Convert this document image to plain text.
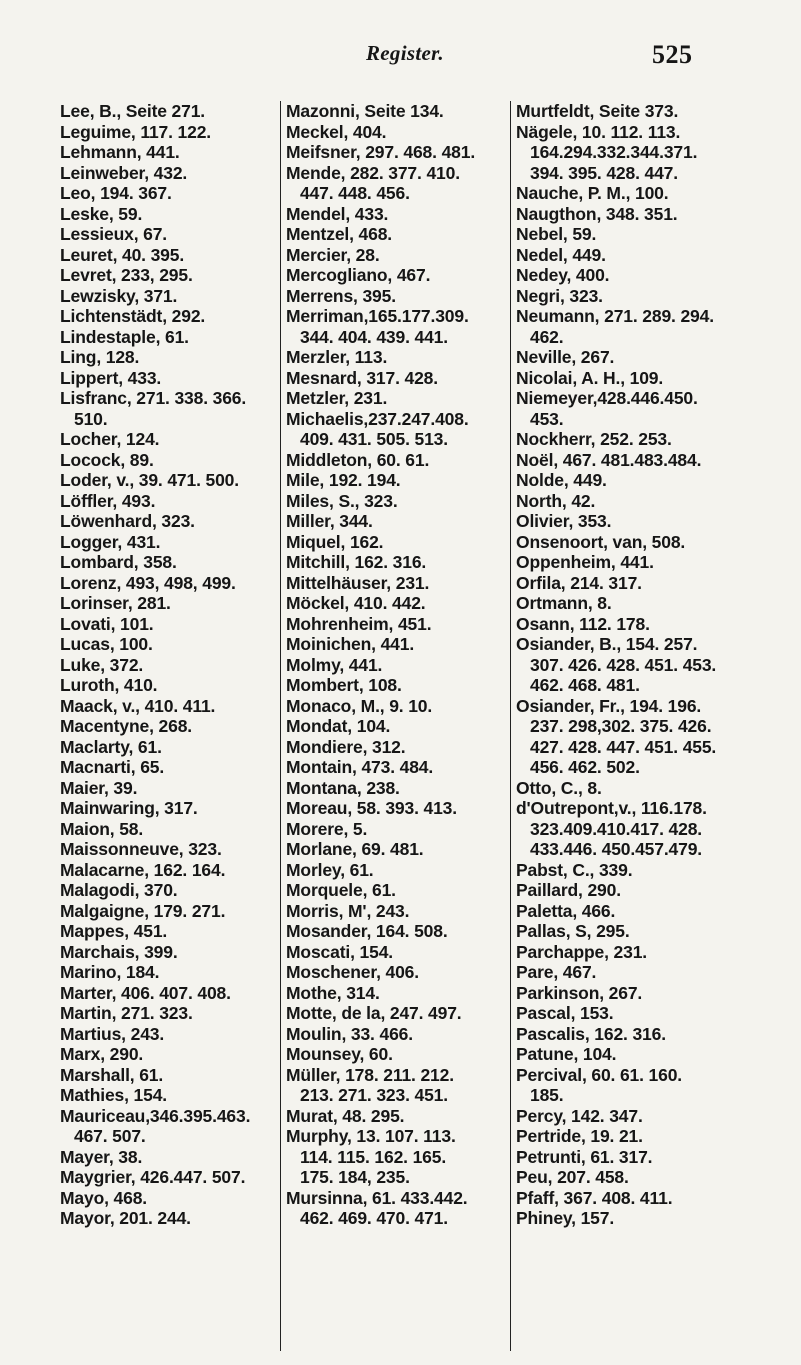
Register.	525
Lee, B., Seite 271.
Leguime, 117. 122.
Lehmann, 441.
Leinweber, 432.
Leo, 194. 367.
Leske, 59.
Lessieux, 67.
Leuret, 40. 395.
Levret, 233, 295.
Lewzisky, 371.
Lichtenstädt, 292.
Lindestaple, 61.
Ling, 128.
Lippert, 433.
Lisfranc, 271. 338. 366.
510.
Locher, 124.
Locock, 89.
Loder, v., 39. 471. 500.
Löffler, 493.
Löwenhard, 323.
Logger, 431.
Lombard, 358.
Lorenz, 493, 498, 499.
Lorinser, 281.
Lovati, 101.
Lucas, 100.
Luke, 372.
Luroth, 410.
Maack, v., 410. 411.
Macentyne, 268.
Maclarty, 61.
Macnarti, 65.
Maier, 39.
Mainwaring, 317.
Maion, 58.
Maissonneuve, 323.
Malacarne, 162. 164.
Malagodi, 370.
Malgaigne, 179. 271.
Mappes, 451.
Marchais, 399.
Marino, 184.
Marter, 406. 407. 408.
Martin, 271. 323.
Martius, 243.
Marx, 290.
Marshall, 61.
Mathies, 154.
Mauriceau,346.395.463.
467. 507.
Mayer, 38.
Maygrier, 426.447. 507.
Mayo, 468.
Mayor, 201. 244.
Mazonni, Seite 134.
Meckel, 404.
Meifsner, 297. 468. 481.
Mende, 282. 377. 410.
447. 448. 456.
Mendel, 433.
Mentzel, 468.
Mercier, 28.
Mercogliano, 467.
Merrens, 395.
Merriman,165.177.309.
344. 404. 439. 441.
Merzler, 113.
Mesnard, 317. 428.
Metzler, 231.
Michaelis,237.247.408.
409. 431. 505. 513.
Middleton, 60. 61.
Mile, 192. 194.
Miles, S., 323.
Miller, 344.
Miquel, 162.
Mitchill, 162. 316.
Mittelhäuser, 231.
Möckel, 410. 442.
Mohrenheim, 451.
Moinichen, 441.
Molmy, 441.
Mombert, 108.
Monaco, M., 9. 10.
Mondat, 104.
Mondiere, 312.
Montain, 473. 484.
Montana, 238.
Moreau, 58. 393. 413.
Morere, 5.
Morlane, 69. 481.
Morley, 61.
Morquele, 61.
Morris, M', 243.
Mosander, 164. 508.
Moscati, 154.
Moschener, 406.
Mothe, 314.
Motte, de la, 247. 497.
Moulin, 33. 466.
Mounsey, 60.
Müller, 178. 211. 212.
213. 271. 323. 451.
Murat, 48. 295.
Murphy, 13. 107. 113.
114. 115. 162. 165.
175. 184, 235.
Mursinna, 61. 433.442.
462. 469. 470. 471.
Murtfeldt, Seite 373.
Nägele, 10. 112. 113.
164.294.332.344.371.
394. 395. 428. 447.
Nauche, P. M., 100.
Naugthon, 348. 351.
Nebel, 59.
Nedel, 449.
Nedey, 400.
Negri, 323.
Neumann, 271. 289. 294.
462.
Neville, 267.
Nicolai, A. H., 109.
Niemeyer,428.446.450.
453.
Nockherr, 252. 253.
Noël, 467. 481.483.484.
Nolde, 449.
North, 42.
Olivier, 353.
Onsenoort, van, 508.
Oppenheim, 441.
Orfila, 214. 317.
Ortmann, 8.
Osann, 112. 178.
Osiander, B., 154. 257.
307. 426. 428. 451. 453.
462. 468. 481.
Osiander, Fr., 194. 196.
237. 298,302. 375. 426.
427. 428. 447. 451. 455.
456. 462. 502.
Otto, C., 8.
d'Outrepont,v., 116.178.
323.409.410.417. 428.
433.446. 450.457.479.
Pabst, C., 339.
Paillard, 290.
Paletta, 466.
Pallas, S, 295.
Parchappe, 231.
Pare, 467.
Parkinson, 267.
Pascal, 153.
Pascalis, 162. 316.
Patune, 104.
Percival, 60. 61. 160.
185.
Percy, 142. 347.
Pertride, 19. 21.
Petrunti, 61. 317.
Peu, 207. 458.
Pfaff, 367. 408. 411.
Phiney, 157.
